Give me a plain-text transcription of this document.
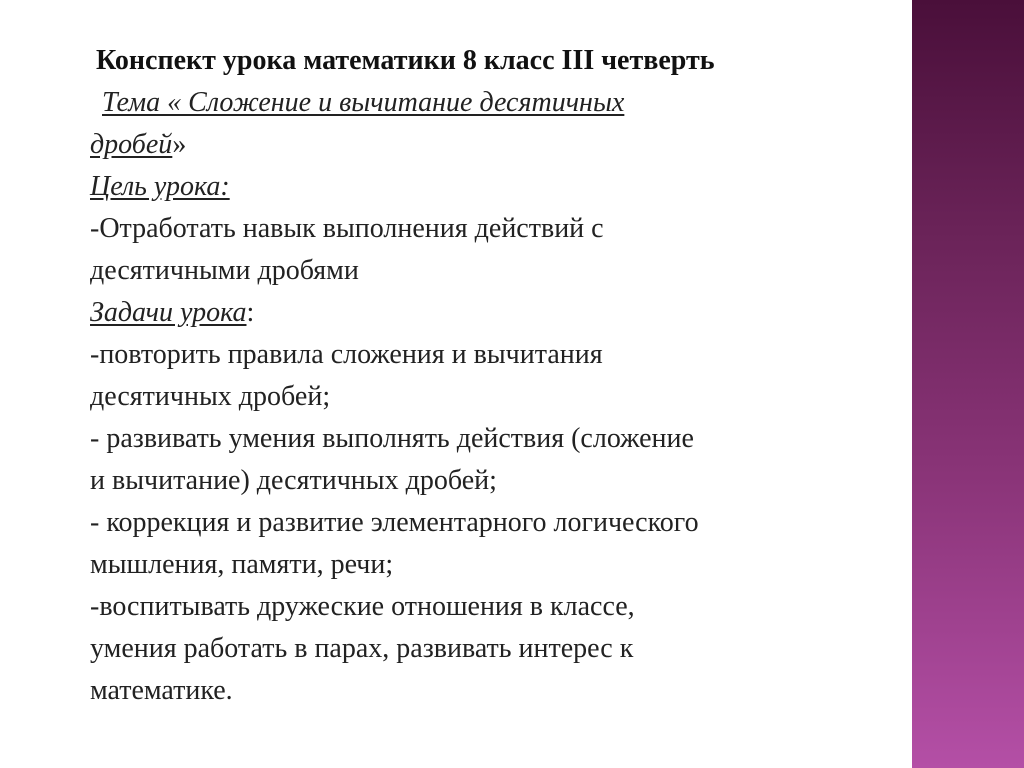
Конспект урока математики 8 класс III четверть
Тема « Сложение и вычитание десятичных
дробей»
Цель урока:
-Отработать навык выполнения действий с
десятичными дробями
Задачи урока:
-повторить правила сложения и вычитания
десятичных дробей;
- развивать умения выполнять действия (сложение
и вычитание) десятичных дробей;
- коррекция и развитие элементарного логического
мышления, памяти, речи;
-воспитывать дружеские отношения в классе,
умения работать в парах, развивать интерес к
математике.
